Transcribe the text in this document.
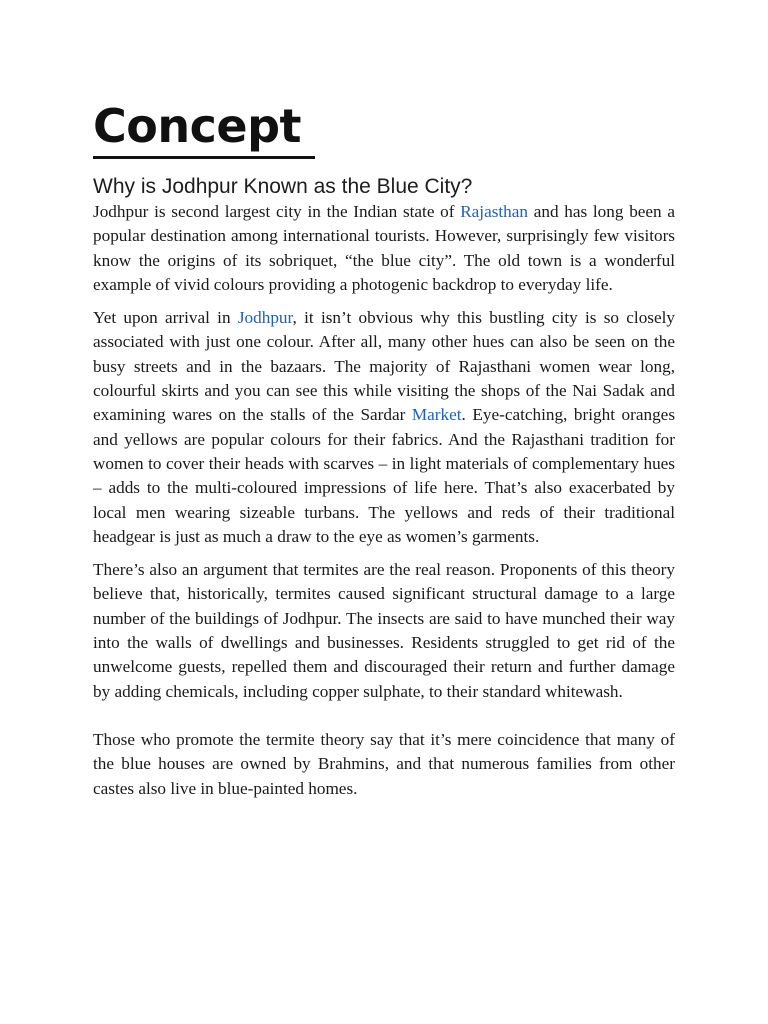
Concept
Why is Jodhpur Known as the Blue City?

Jodhpur is second largest city in the Indian state of Rajasthan and has long been a popular destination among international tourists. However, surprisingly few visitors know the origins of its sobriquet, “the blue city”. The old town is a wonderful example of vivid colours providing a photogenic backdrop to everyday life.

Yet upon arrival in Jodhpur, it isn’t obvious why this bustling city is so closely associated with just one colour. After all, many other hues can also be seen on the busy streets and in the bazaars. The majority of Rajasthani women wear long, colourful skirts and you can see this while visiting the shops of the Nai Sadak and examining wares on the stalls of the Sardar Market. Eye-catching, bright oranges and yellows are popular colours for their fabrics. And the Rajasthani tradition for women to cover their heads with scarves – in light materials of complementary hues – adds to the multi-coloured impressions of life here. That’s also exacerbated by local men wearing sizeable turbans. The yellows and reds of their traditional headgear is just as much a draw to the eye as women’s garments.

There’s also an argument that termites are the real reason. Proponents of this theory believe that, historically, termites caused significant structural damage to a large number of the buildings of Jodhpur. The insects are said to have munched their way into the walls of dwellings and businesses. Residents struggled to get rid of the unwelcome guests, repelled them and discouraged their return and further damage by adding chemicals, including copper sulphate, to their standard whitewash.

Those who promote the termite theory say that it’s mere coincidence that many of the blue houses are owned by Brahmins, and that numerous families from other castes also live in blue-painted homes.
